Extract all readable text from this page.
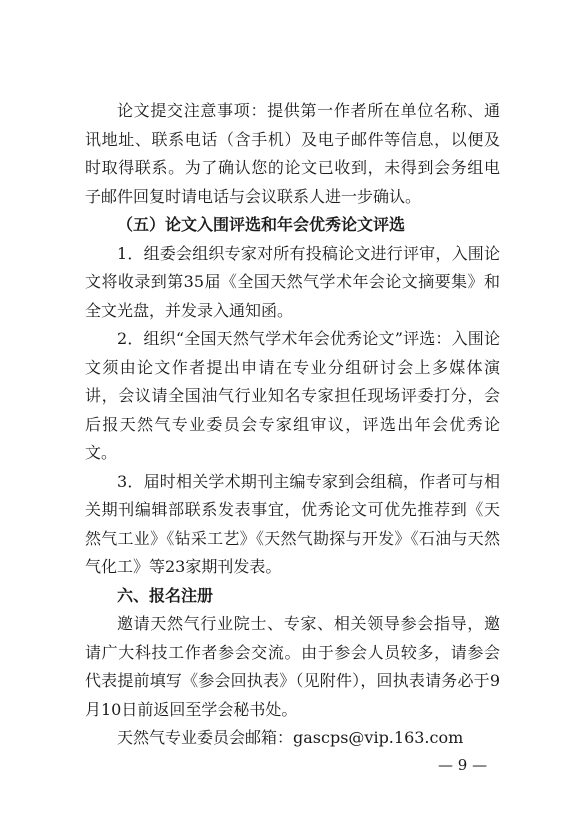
论文提交注意事项：提供第一作者所在单位名称、通讯地址、联系电话（含手机）及电子邮件等信息，以便及时取得联系。为了确认您的论文已收到，未得到会务组电子邮件回复时请电话与会议联系人进一步确认。

（五）论文入围评选和年会优秀论文评选

1．组委会组织专家对所有投稿论文进行评审，入围论文将收录到第35届《全国天然气学术年会论文摘要集》和全文光盘，并发录入通知函。

2．组织“全国天然气学术年会优秀论文”评选：入围论文须由论文作者提出申请在专业分组研讨会上多媒体演讲，会议请全国油气行业知名专家担任现场评委打分，会后报天然气专业委员会专家组审议，评选出年会优秀论文。

3．届时相关学术期刊主编专家到会组稿，作者可与相关期刊编辑部联系发表事宜，优秀论文可优先推荐到《天然气工业》《钻采工艺》《天然气勘探与开发》《石油与天然气化工》等23家期刊发表。

六、报名注册

邀请天然气行业院士、专家、相关领导参会指导，邀请广大科技工作者参会交流。由于参会人员较多，请参会代表提前填写《参会回执表》（见附件），回执表请务必于9月10日前返回至学会秘书处。

天然气专业委员会邮箱：gascps@vip.163.com

— 9 —
